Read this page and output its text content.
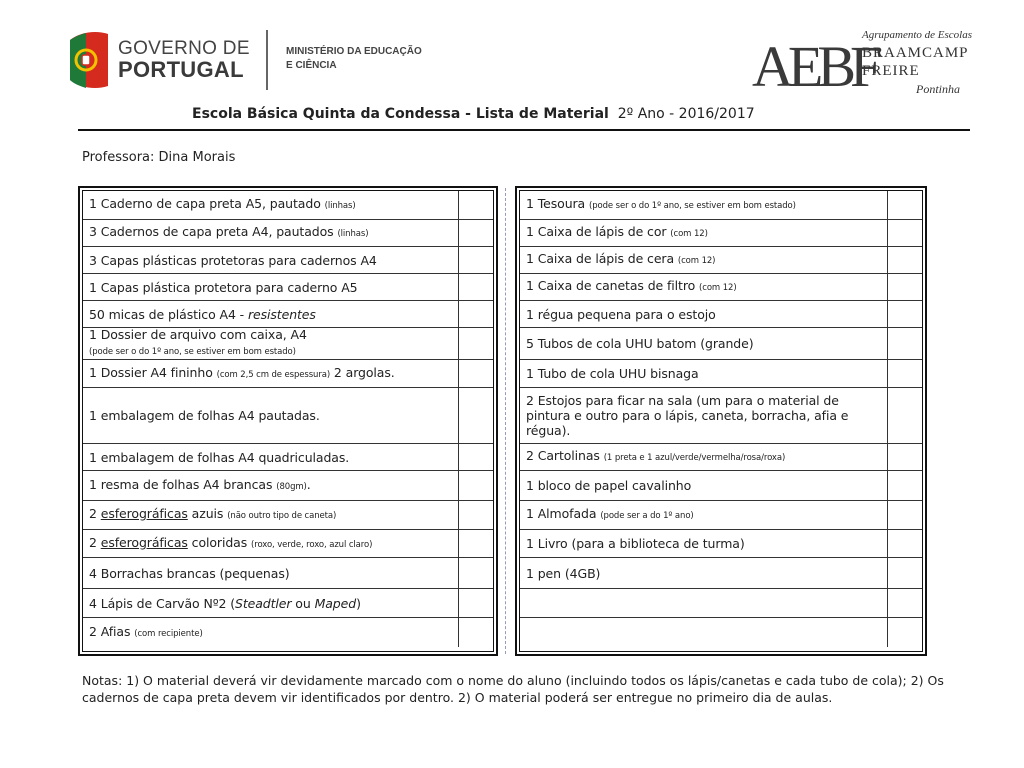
GOVERNO DE
PORTUGAL
MINISTÉRIO DA EDUCAÇÃO
E CIÊNCIA	AEBF
Agrupamento de Escolas
BRAAMCAMP
FREIRE
Pontinha
Escola Básica Quinta da Condessa - Lista de Material 2º Ano - 2016/2017
Professora: Dina Morais
1 Caderno de capa preta A5, pautado (linhas)
3 Cadernos de capa preta A4, pautados (linhas)
3 Capas plásticas protetoras para cadernos A4
1 Capas plástica protetora para caderno A5
50 micas de plástico A4 - resistentes
1 Dossier de arquivo com caixa, A4
(pode ser o do 1º ano, se estiver em bom estado)
1 Dossier A4 fininho (com 2,5 cm de espessura) 2 argolas.
1 embalagem de folhas A4 pautadas.
1 embalagem de folhas A4 quadriculadas.
1 resma de folhas A4 brancas (80gm).
2 esferográficas azuis (não outro tipo de caneta)
2 esferográficas coloridas (roxo, verde, roxo, azul claro)
4 Borrachas brancas (pequenas)
4 Lápis de Carvão Nº2 (Steadtler ou Maped)
2 Afias (com recipiente)
1 Tesoura (pode ser o do 1º ano, se estiver em bom estado)
1 Caixa de lápis de cor (com 12)
1 Caixa de lápis de cera (com 12)
1 Caixa de canetas de filtro (com 12)
1 régua pequena para o estojo
5 Tubos de cola UHU batom (grande)
1 Tubo de cola UHU bisnaga
2 Estojos para ficar na sala (um para o material de pintura e outro para o lápis, caneta, borracha, afia e régua).
2 Cartolinas (1 preta e 1 azul/verde/vermelha/rosa/roxa)
1 bloco de papel cavalinho
1 Almofada (pode ser a do 1º ano)
1 Livro (para a biblioteca de turma)
1 pen (4GB)
Notas: 1) O material deverá vir devidamente marcado com o nome do aluno (incluindo todos os lápis/canetas e cada tubo de cola); 2) Os cadernos de capa preta devem vir identificados por dentro. 2) O material poderá ser entregue no primeiro dia de aulas.
